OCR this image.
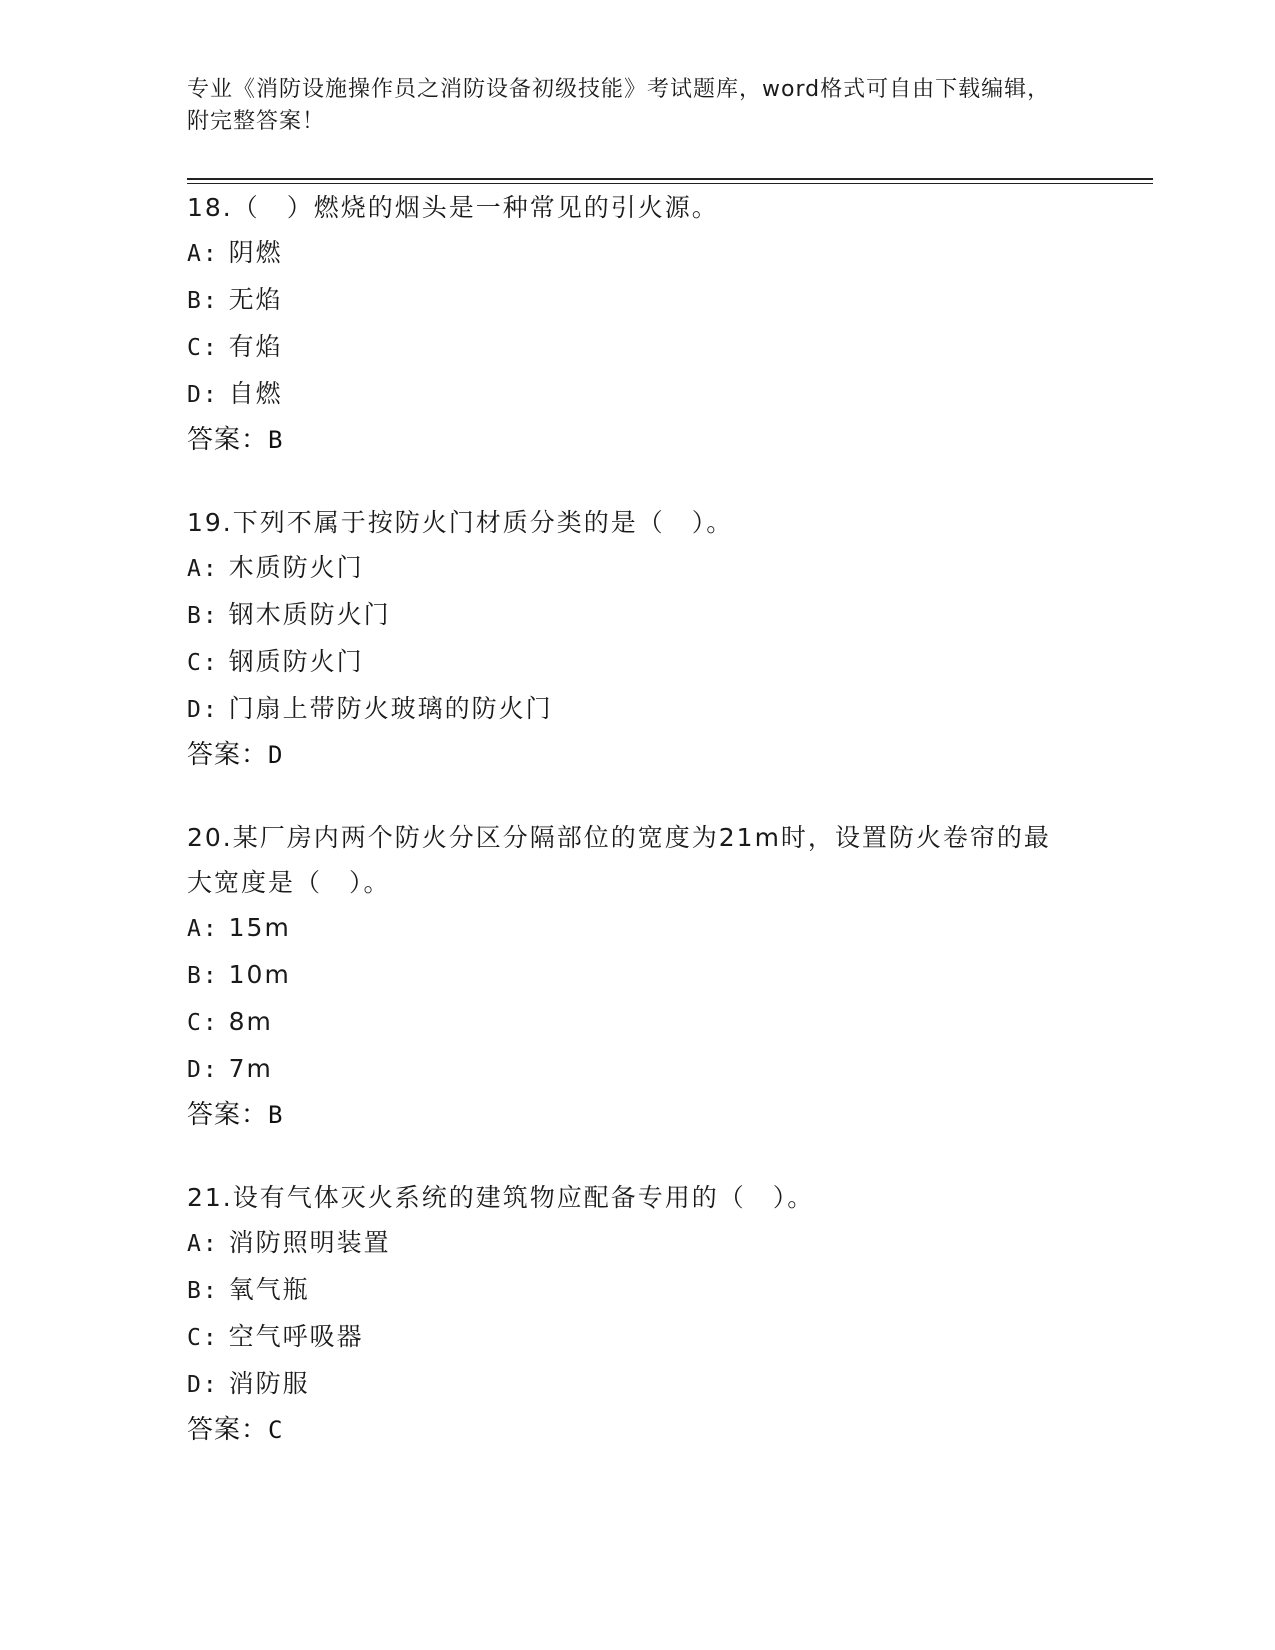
专业《消防设施操作员之消防设备初级技能》考试题库，word格式可自由下载编辑，附完整答案！

18.（　）燃烧的烟头是一种常见的引火源。

A: 阴燃

B: 无焰

C: 有焰

D: 自燃

答案：B

19.下列不属于按防火门材质分类的是（　）。

A: 木质防火门

B: 钢木质防火门

C: 钢质防火门

D: 门扇上带防火玻璃的防火门

答案：D

20.某厂房内两个防火分区分隔部位的宽度为21m时，设置防火卷帘的最大宽度是（　）。

A: 15m

B: 10m

C: 8m

D: 7m

答案：B

21.设有气体灭火系统的建筑物应配备专用的（　）。

A: 消防照明装置

B: 氧气瓶

C: 空气呼吸器

D: 消防服

答案：C
